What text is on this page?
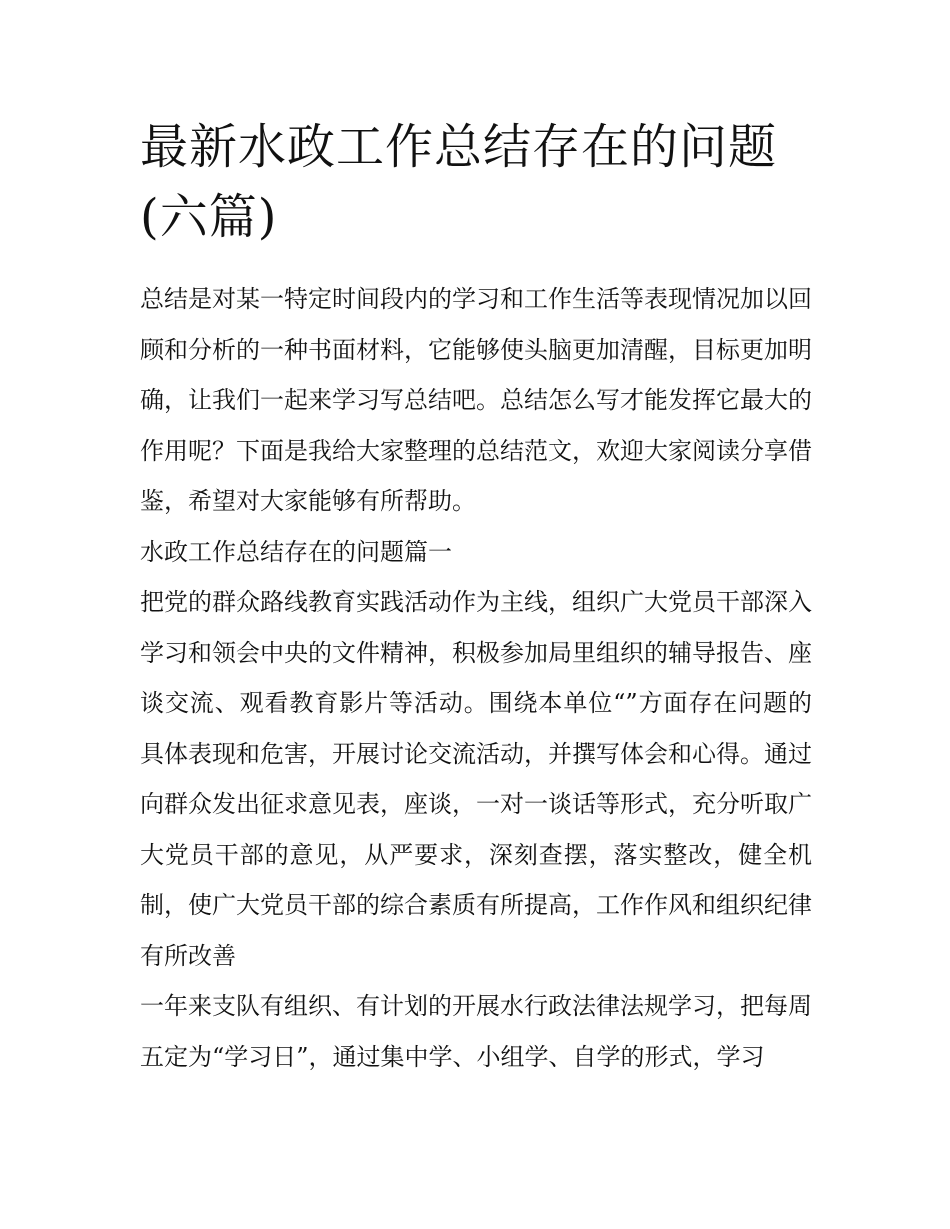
最新水政工作总结存在的问题(六篇)

总结是对某一特定时间段内的学习和工作生活等表现情况加以回顾和分析的一种书面材料，它能够使头脑更加清醒，目标更加明确，让我们一起来学习写总结吧。总结怎么写才能发挥它最大的作用呢？下面是我给大家整理的总结范文，欢迎大家阅读分享借鉴，希望对大家能够有所帮助。

水政工作总结存在的问题篇一

把党的群众路线教育实践活动作为主线，组织广大党员干部深入学习和领会中央的文件精神，积极参加局里组织的辅导报告、座谈交流、观看教育影片等活动。围绕本单位“”方面存在问题的具体表现和危害，开展讨论交流活动，并撰写体会和心得。通过向群众发出征求意见表，座谈，一对一谈话等形式，充分听取广大党员干部的意见，从严要求，深刻查摆，落实整改，健全机制，使广大党员干部的综合素质有所提高，工作作风和组织纪律有所改善

一年来支队有组织、有计划的开展水行政法律法规学习，把每周五定为“学习日”，通过集中学、小组学、自学的形式，学习
